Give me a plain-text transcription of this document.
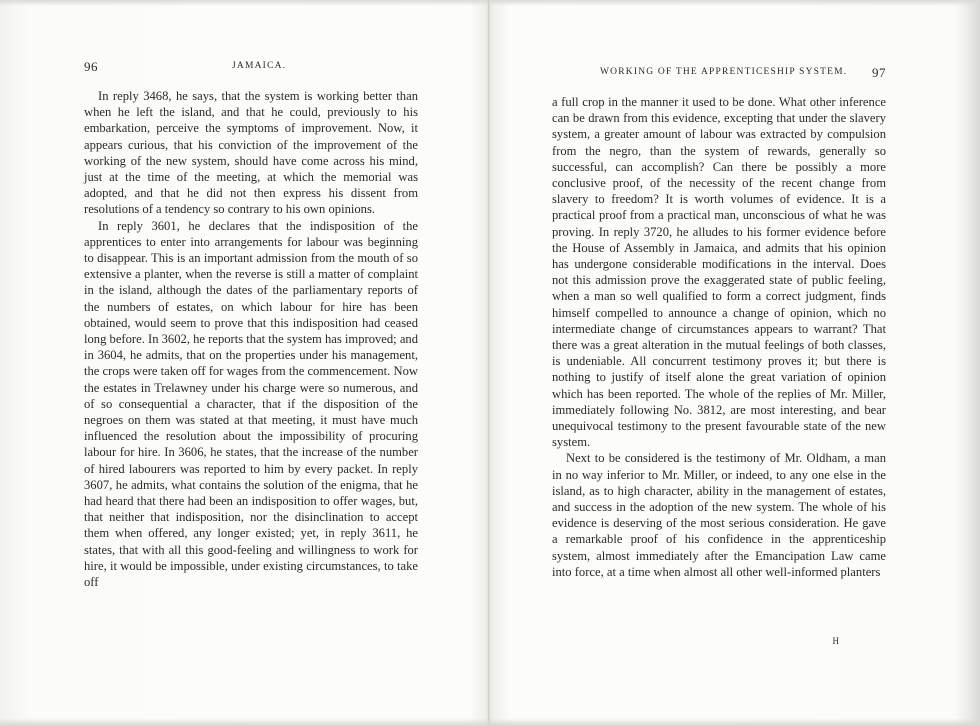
96	JAMAICA.

In reply 3468, he says, that the system is working better than when he left the island, and that he could, previously to his embarkation, perceive the symptoms of improvement. Now, it appears curious, that his conviction of the improvement of the working of the new system, should have come across his mind, just at the time of the meeting, at which the memorial was adopted, and that he did not then express his dissent from resolutions of a tendency so contrary to his own opinions.

In reply 3601, he declares that the indisposition of the apprentices to enter into arrangements for labour was beginning to disappear. This is an important admission from the mouth of so extensive a planter, when the reverse is still a matter of complaint in the island, although the dates of the parliamentary reports of the numbers of estates, on which labour for hire has been obtained, would seem to prove that this indisposition had ceased long before. In 3602, he reports that the system has improved; and in 3604, he admits, that on the properties under his management, the crops were taken off for wages from the commencement. Now the estates in Trelawney under his charge were so numerous, and of so consequential a character, that if the disposition of the negroes on them was stated at that meeting, it must have much influenced the resolution about the impossibility of procuring labour for hire. In 3606, he states, that the increase of the number of hired labourers was reported to him by every packet. In reply 3607, he admits, what contains the solution of the enigma, that he had heard that there had been an indisposition to offer wages, but, that neither that indisposition, nor the disinclination to accept them when offered, any longer existed; yet, in reply 3611, he states, that with all this good-feeling and willingness to work for hire, it would be impossible, under existing circumstances, to take off

WORKING OF THE APPRENTICESHIP SYSTEM. 97

a full crop in the manner it used to be done. What other inference can be drawn from this evidence, excepting that under the slavery system, a greater amount of labour was extracted by compulsion from the negro, than the system of rewards, generally so successful, can accomplish? Can there be possibly a more conclusive proof, of the necessity of the recent change from slavery to freedom? It is worth volumes of evidence. It is a practical proof from a practical man, unconscious of what he was proving. In reply 3720, he alludes to his former evidence before the House of Assembly in Jamaica, and admits that his opinion has undergone considerable modifications in the interval. Does not this admission prove the exaggerated state of public feeling, when a man so well qualified to form a correct judgment, finds himself compelled to announce a change of opinion, which no intermediate change of circumstances appears to warrant? That there was a great alteration in the mutual feelings of both classes, is undeniable. All concurrent testimony proves it; but there is nothing to justify of itself alone the great variation of opinion which has been reported. The whole of the replies of Mr. Miller, immediately following No. 3812, are most interesting, and bear unequivocal testimony to the present favourable state of the new system.

Next to be considered is the testimony of Mr. Oldham, a man in no way inferior to Mr. Miller, or indeed, to any one else in the island, as to high character, ability in the management of estates, and success in the adoption of the new system. The whole of his evidence is deserving of the most serious consideration. He gave a remarkable proof of his confidence in the apprenticeship system, almost immediately after the Emancipation Law came into force, at a time when almost all other well-informed planters

H
